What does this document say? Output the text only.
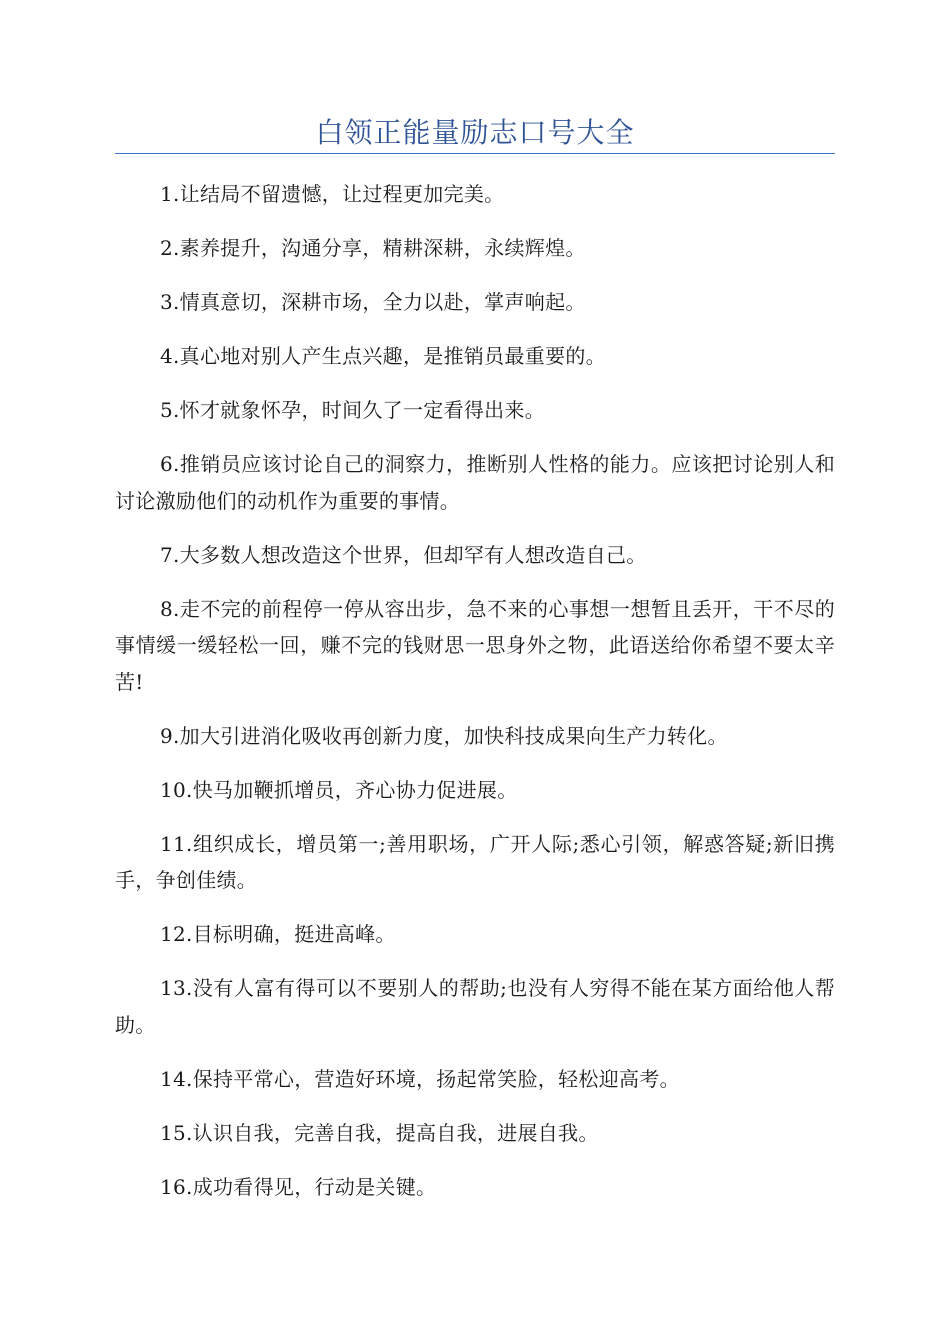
白领正能量励志口号大全

1.让结局不留遗憾，让过程更加完美。

2.素养提升，沟通分享，精耕深耕，永续辉煌。

3.情真意切，深耕市场，全力以赴，掌声响起。

4.真心地对别人产生点兴趣，是推销员最重要的。

5.怀才就象怀孕，时间久了一定看得出来。

6.推销员应该讨论自己的洞察力，推断别人性格的能力。应该把讨论别人和讨论激励他们的动机作为重要的事情。

7.大多数人想改造这个世界，但却罕有人想改造自己。

8.走不完的前程停一停从容出步，急不来的心事想一想暂且丢开，干不尽的事情缓一缓轻松一回，赚不完的钱财思一思身外之物，此语送给你希望不要太辛苦!

9.加大引进消化吸收再创新力度，加快科技成果向生产力转化。

10.快马加鞭抓增员，齐心协力促进展。

11.组织成长，增员第一;善用职场，广开人际;悉心引领，解惑答疑;新旧携手，争创佳绩。

12.目标明确，挺进高峰。

13.没有人富有得可以不要别人的帮助;也没有人穷得不能在某方面给他人帮助。

14.保持平常心，营造好环境，扬起常笑脸，轻松迎高考。

15.认识自我，完善自我，提高自我，进展自我。

16.成功看得见，行动是关键。
